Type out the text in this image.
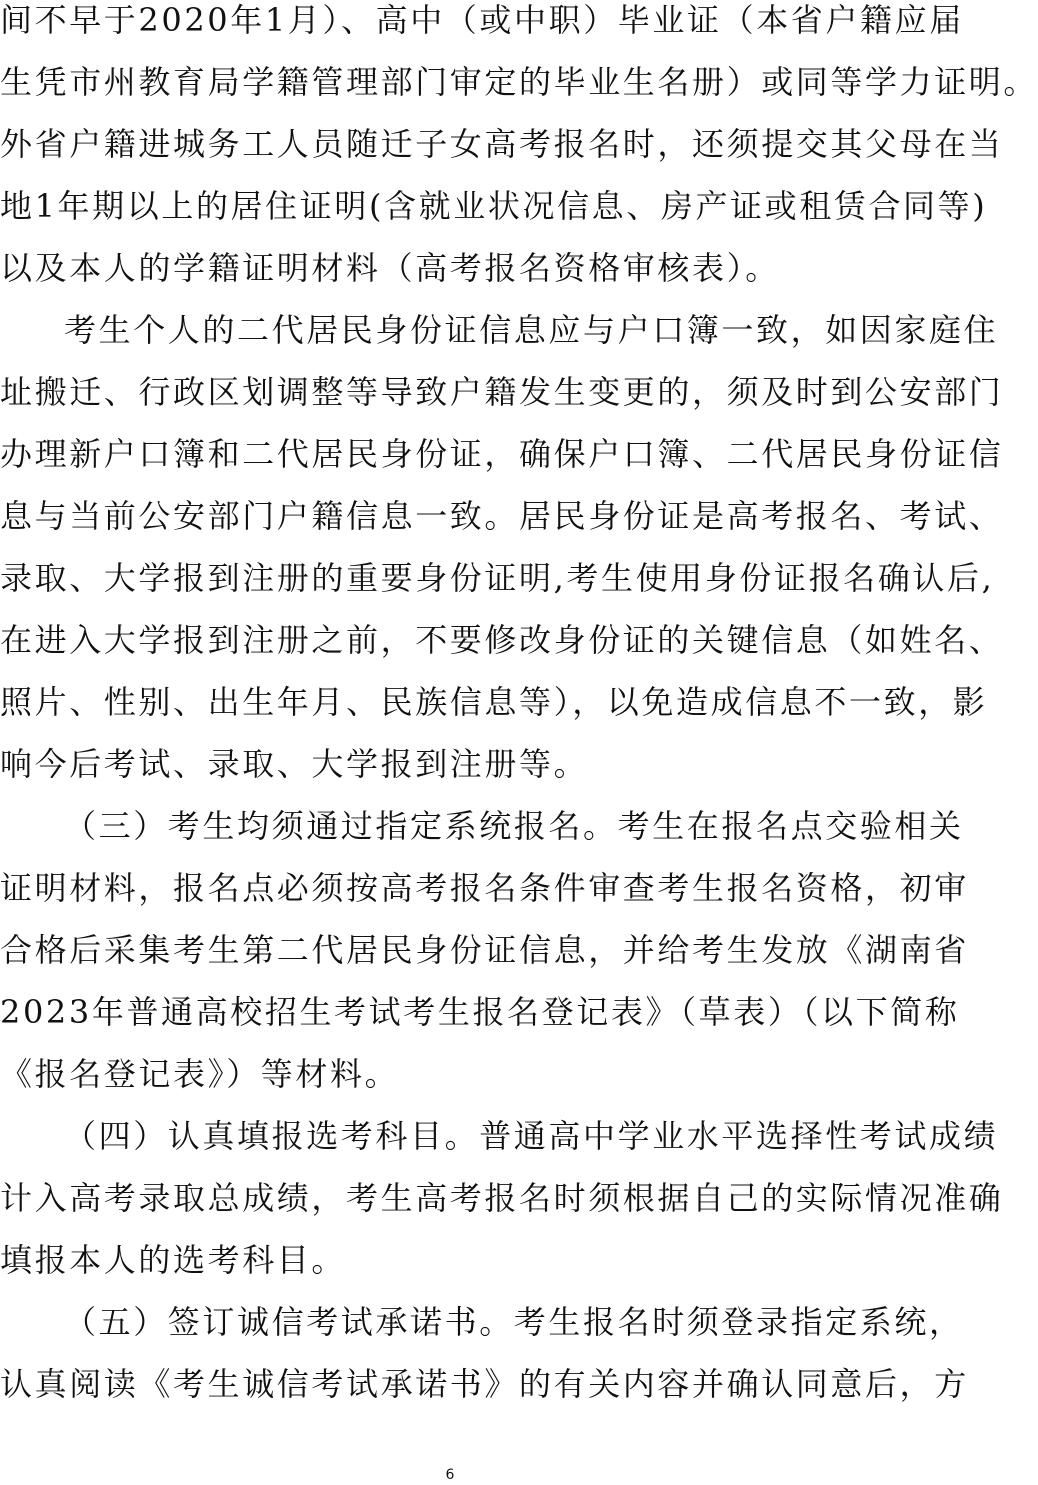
间不早于2020年1月）、高中（或中职）毕业证（本省户籍应届
生凭市州教育局学籍管理部门审定的毕业生名册）或同等学力证明。
外省户籍进城务工人员随迁子女高考报名时，还须提交其父母在当
地1年期以上的居住证明(含就业状况信息、房产证或租赁合同等)
以及本人的学籍证明材料（高考报名资格审核表）。
考生个人的二代居民身份证信息应与户口簿一致，如因家庭住
址搬迁、行政区划调整等导致户籍发生变更的，须及时到公安部门
办理新户口簿和二代居民身份证，确保户口簿、二代居民身份证信
息与当前公安部门户籍信息一致。居民身份证是高考报名、考试、
录取、大学报到注册的重要身份证明,考生使用身份证报名确认后,
在进入大学报到注册之前，不要修改身份证的关键信息（如姓名、
照片、性别、出生年月、民族信息等），以免造成信息不一致，影
响今后考试、录取、大学报到注册等。
（三）考生均须通过指定系统报名。考生在报名点交验相关
证明材料，报名点必须按高考报名条件审查考生报名资格，初审
合格后采集考生第二代居民身份证信息，并给考生发放《湖南省
2023年普通高校招生考试考生报名登记表》（草表）（以下简称
《报名登记表》）等材料。
（四）认真填报选考科目。普通高中学业水平选择性考试成绩
计入高考录取总成绩，考生高考报名时须根据自己的实际情况准确
填报本人的选考科目。
（五）签订诚信考试承诺书。考生报名时须登录指定系统，
认真阅读《考生诚信考试承诺书》的有关内容并确认同意后，方
6
